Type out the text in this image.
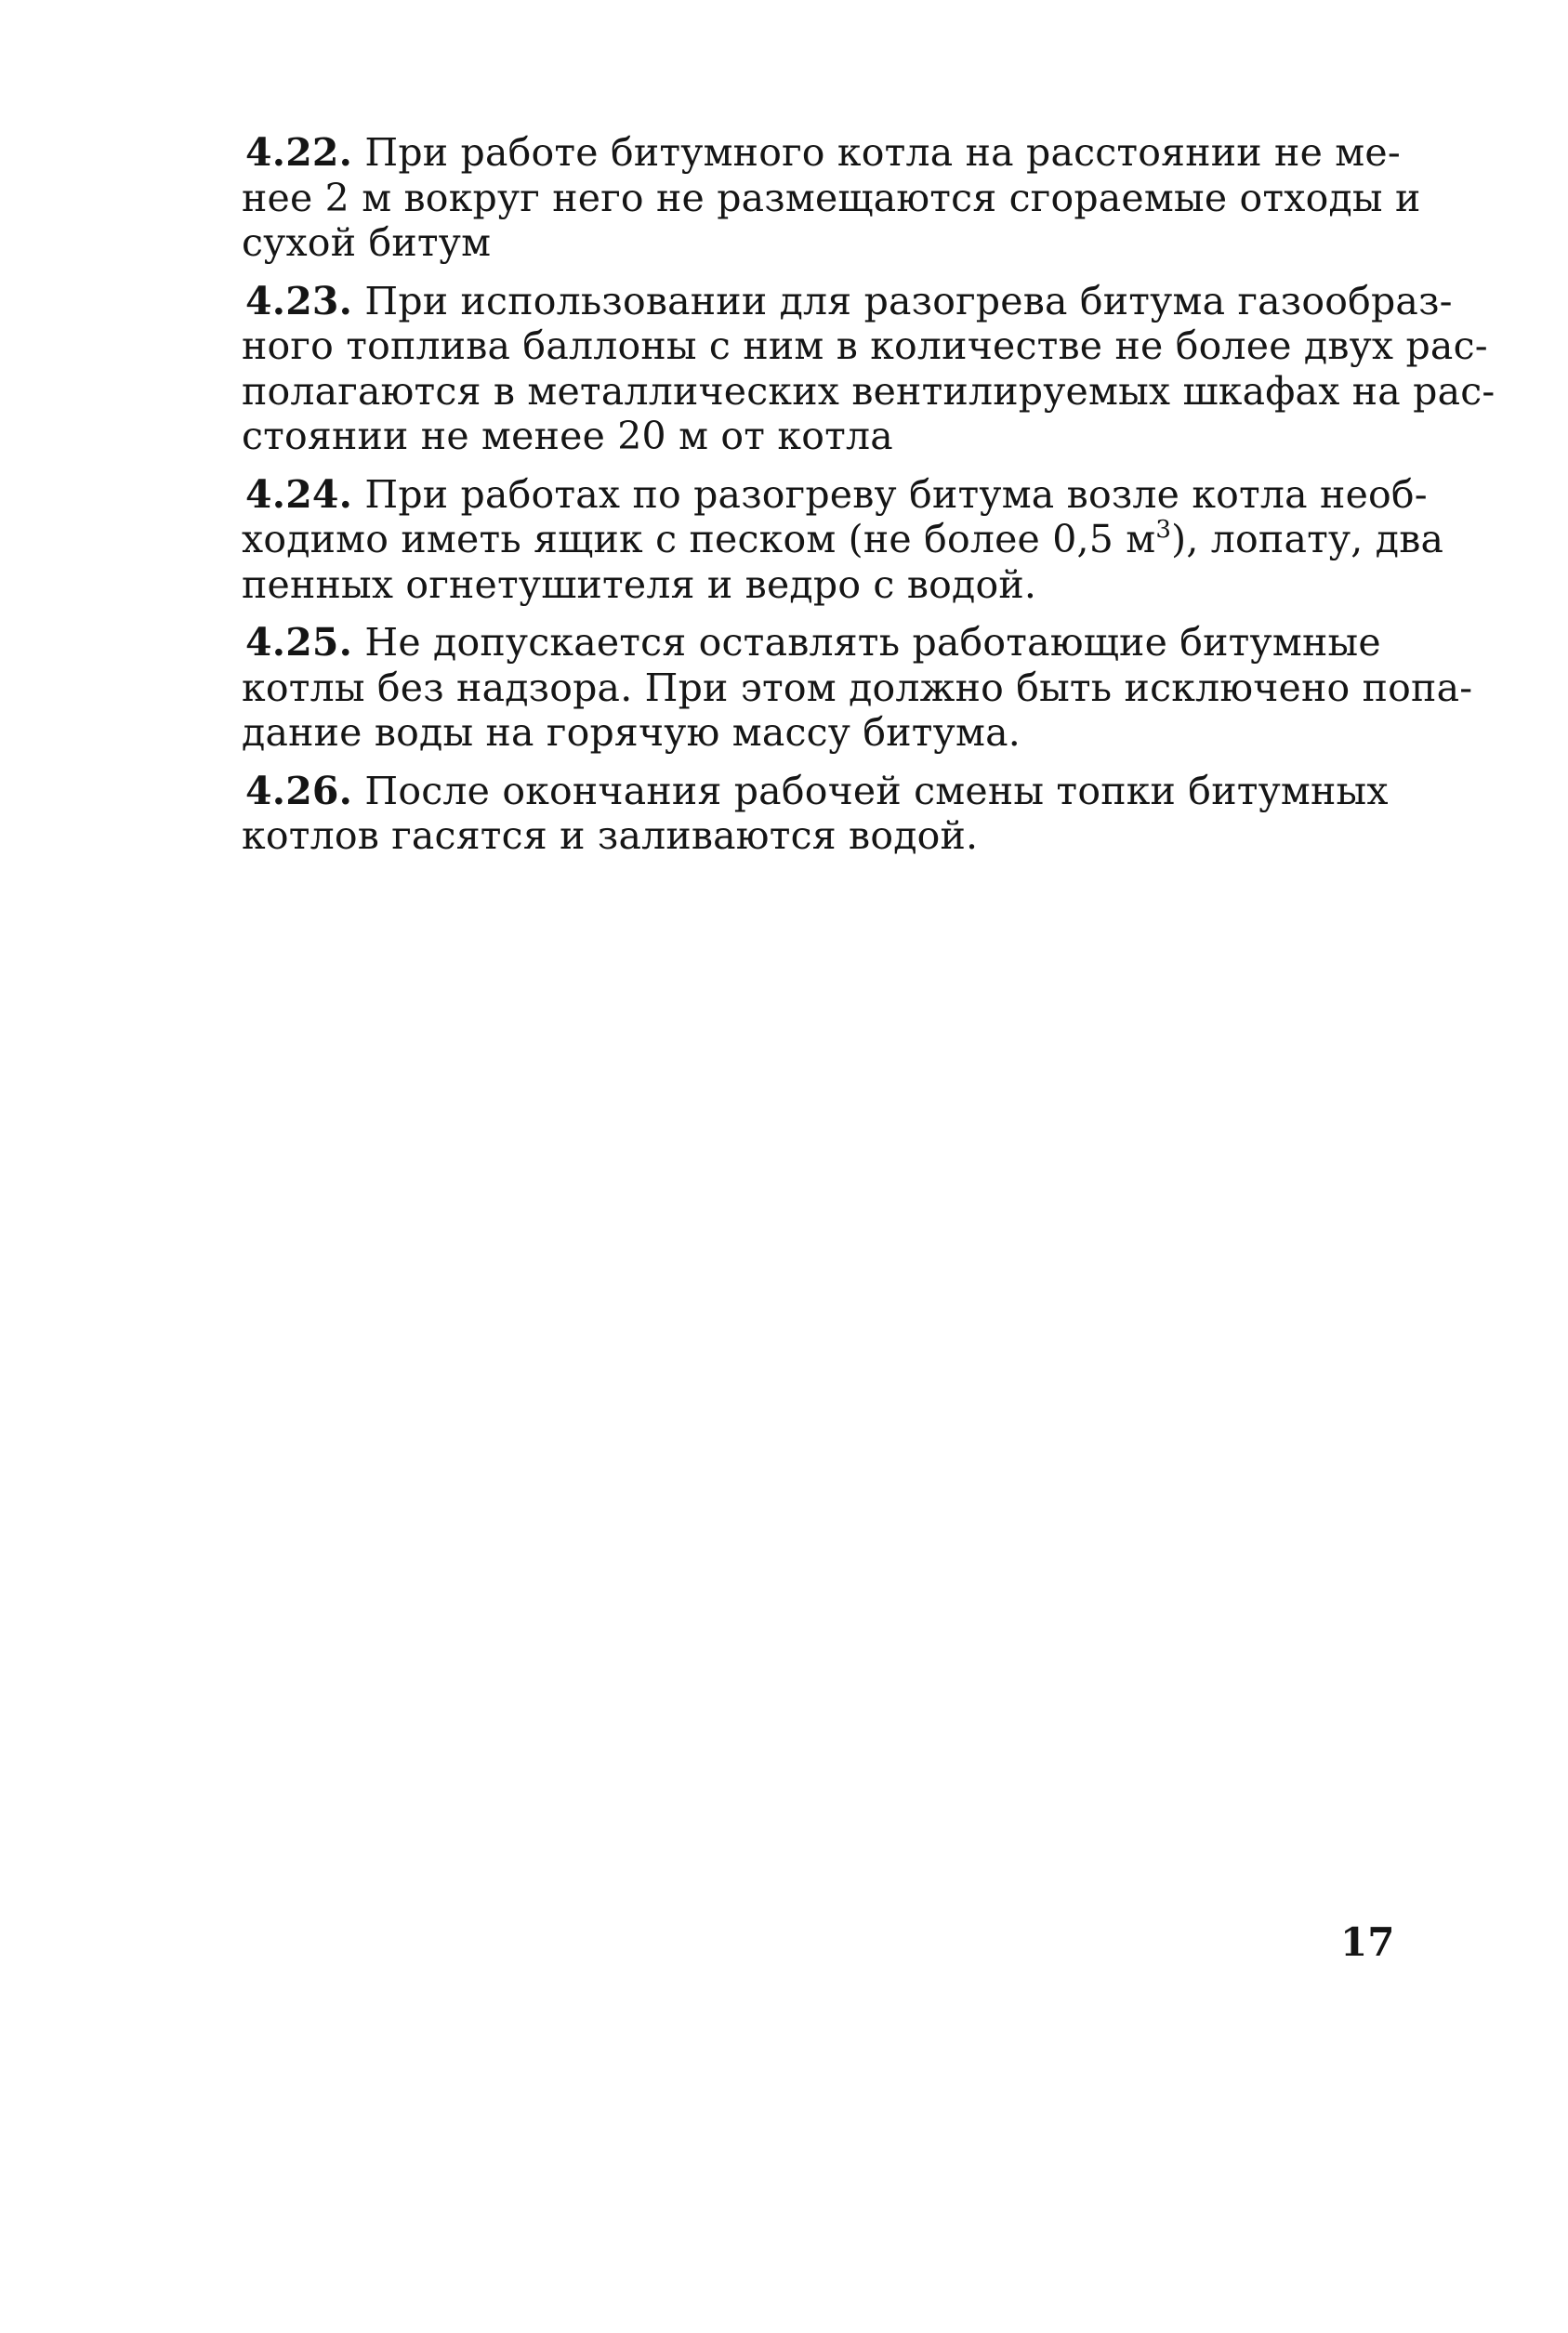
4.22. При работе битумного котла на расстоянии не ме-
нее 2 м вокруг него не размещаются сгораемые отходы и
сухой битум

4.23. При использовании для разогрева битума газообраз-
ного топлива баллоны с ним в количестве не более двух рас-
полагаются в металлических вентилируемых шкафах на рас-
стоянии не менее 20 м от котла

4.24. При работах по разогреву битума возле котла необ-
ходимо иметь ящик с песком (не более 0,5 $м^3$), лопату, два
пенных огнетушителя и ведро с водой.

4.25. Не допускается оставлять работающие битумные
котлы без надзора. При этом должно быть исключено попа-
дание воды на горячую массу битума.

4.26. После окончания рабочей смены топки битумных
котлов гасятся и заливаются водой.

17
